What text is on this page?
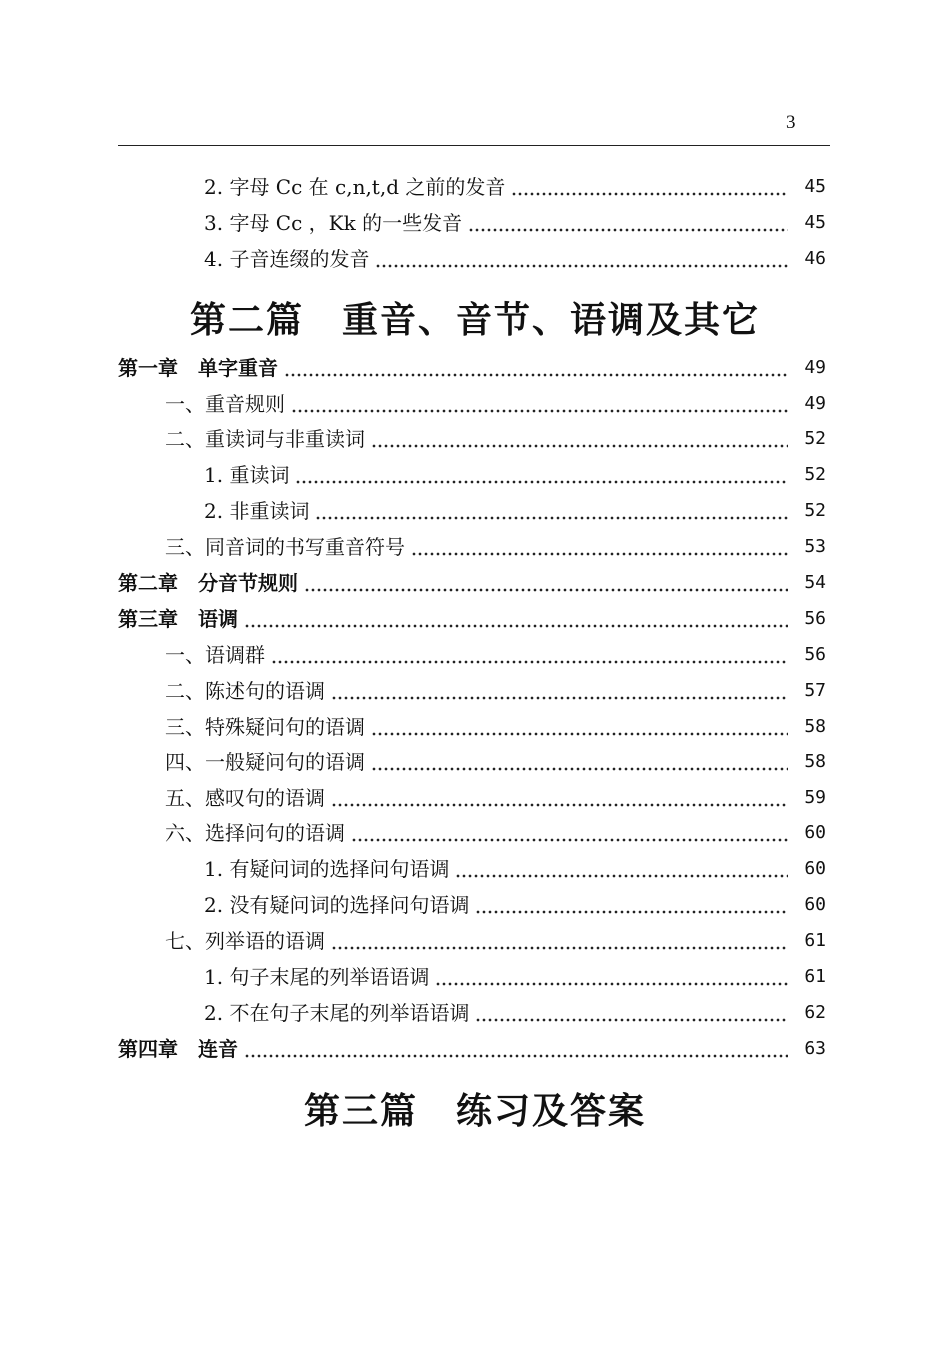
3
2. 字母 Cc 在 c,n,t,d 之前的发音	45
3. 字母 Cc ，Kk 的一些发音	45
4. 子音连缀的发音	46
第二篇　重音、音节、语调及其它
第一章　单字重音	49
一、重音规则	49
二、重读词与非重读词	52
1. 重读词	52
2. 非重读词	52
三、同音词的书写重音符号	53
第二章　分音节规则	54
第三章　语调	56
一、语调群	56
二、陈述句的语调	57
三、特殊疑问句的语调	58
四、一般疑问句的语调	58
五、感叹句的语调	59
六、选择问句的语调	60
1. 有疑问词的选择问句语调	60
2. 没有疑问词的选择问句语调	60
七、列举语的语调	61
1. 句子末尾的列举语语调	61
2. 不在句子末尾的列举语语调	62
第四章　连音	63
第三篇　练习及答案
